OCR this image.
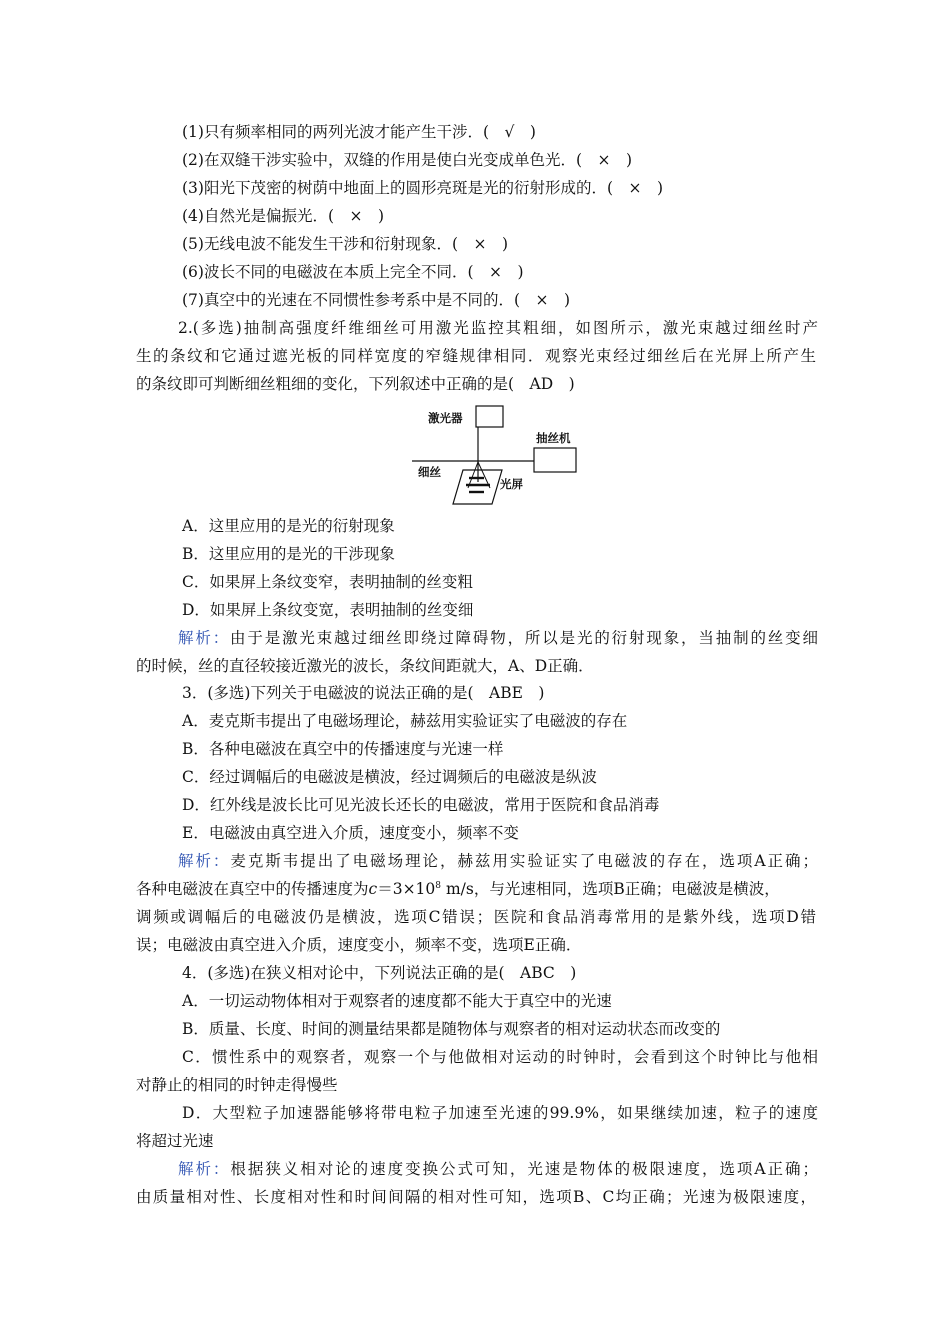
(1)只有频率相同的两列光波才能产生干涉．(　√　)
(2)在双缝干涉实验中，双缝的作用是使白光变成单色光．(　×　)
(3)阳光下茂密的树荫中地面上的圆形亮斑是光的衍射形成的．(　×　)
(4)自然光是偏振光．(　×　)
(5)无线电波不能发生干涉和衍射现象．(　×　)
(6)波长不同的电磁波在本质上完全不同．(　×　)
(7)真空中的光速在不同惯性参考系中是不同的．(　×　)
2.(多选)抽制高强度纤维细丝可用激光监控其粗细，如图所示，激光束越过细丝时产
生的条纹和它通过遮光板的同样宽度的窄缝规律相同．观察光束经过细丝后在光屏上所产生
的条纹即可判断细丝粗细的变化，下列叙述中正确的是(　AD　)
激光器
抽丝机
细丝
光屏
A．这里应用的是光的衍射现象
B．这里应用的是光的干涉现象
C．如果屏上条纹变窄，表明抽制的丝变粗
D．如果屏上条纹变宽，表明抽制的丝变细
解析：由于是激光束越过细丝即绕过障碍物，所以是光的衍射现象，当抽制的丝变细
的时候，丝的直径较接近激光的波长，条纹间距就大，A、D正确．
3．(多选)下列关于电磁波的说法正确的是(　ABE　)
A．麦克斯韦提出了电磁场理论，赫兹用实验证实了电磁波的存在
B．各种电磁波在真空中的传播速度与光速一样
C．经过调幅后的电磁波是横波，经过调频后的电磁波是纵波
D．红外线是波长比可见光波长还长的电磁波，常用于医院和食品消毒
E．电磁波由真空进入介质，速度变小，频率不变
解析：麦克斯韦提出了电磁场理论，赫兹用实验证实了电磁波的存在，选项A正确；
各种电磁波在真空中的传播速度为$c=3\times 10^8$ m/s，与光速相同，选项B正确；电磁波是横波，
调频或调幅后的电磁波仍是横波，选项C错误；医院和食品消毒常用的是紫外线，选项D错
误；电磁波由真空进入介质，速度变小，频率不变，选项E正确．
4．(多选)在狭义相对论中，下列说法正确的是(　ABC　)
A．一切运动物体相对于观察者的速度都不能大于真空中的光速
B．质量、长度、时间的测量结果都是随物体与观察者的相对运动状态而改变的
C．惯性系中的观察者，观察一个与他做相对运动的时钟时，会看到这个时钟比与他相
对静止的相同的时钟走得慢些
D．大型粒子加速器能够将带电粒子加速至光速的99.9%，如果继续加速，粒子的速度
将超过光速
解析：根据狭义相对论的速度变换公式可知，光速是物体的极限速度，选项A正确；
由质量相对性、长度相对性和时间间隔的相对性可知，选项B、C均正确；光速为极限速度，
